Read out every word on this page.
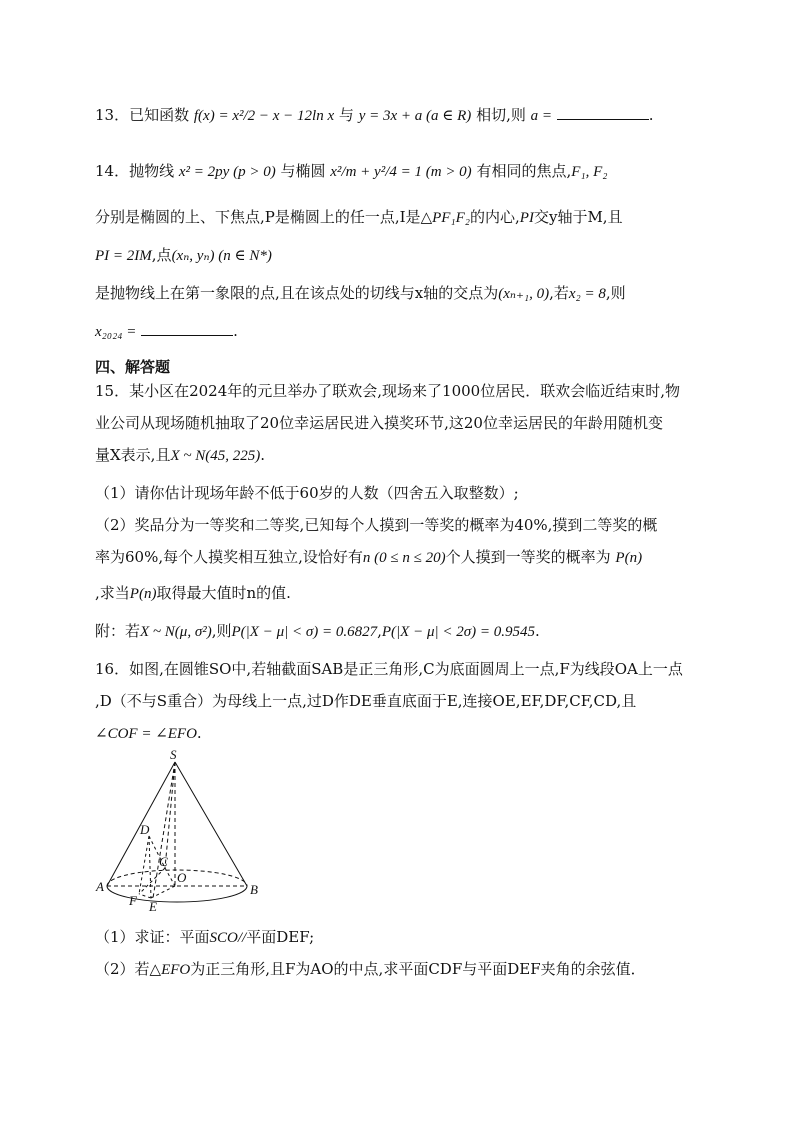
13．已知函数 f(x) = x²/2 − x − 12ln x 与 y = 3x + a (a ∈ R) 相切,则 a =	.
14．抛物线 x² = 2py (p > 0) 与椭圆 x²/m + y²/4 = 1 (m > 0) 有相同的焦点,F₁, F₂
分别是椭圆的上、下焦点,P是椭圆上的任一点,I是△PF₁F₂的内心,PI交y轴于M,且
PI = 2IM,点(xₙ, yₙ) (n ∈ N*)
是抛物线上在第一象限的点,且在该点处的切线与x轴的交点为(xₙ₊₁, 0),若x₂ = 8,则
x₂₀₂₄ =	.
四、解答题
15．某小区在2024年的元旦举办了联欢会,现场来了1000位居民．联欢会临近结束时,物
业公司从现场随机抽取了20位幸运居民进入摸奖环节,这20位幸运居民的年龄用随机变
量X表示,且X ~ N(45, 225).
（1）请你估计现场年龄不低于60岁的人数（四舍五入取整数）;
（2）奖品分为一等奖和二等奖,已知每个人摸到一等奖的概率为40%,摸到二等奖的概
率为60%,每个人摸奖相互独立,设恰好有n (0 ≤ n ≤ 20)个人摸到一等奖的概率为 P(n)
,求当P(n)取得最大值时n的值.
附：若X ~ N(μ, σ²),则P(|X − μ| < σ) = 0.6827,P(|X − μ| < 2σ) = 0.9545.
16．如图,在圆锥SO中,若轴截面SAB是正三角形,C为底面圆周上一点,F为线段OA上一点
,D（不与S重合）为母线上一点,过D作DE垂直底面于E,连接OE,EF,DF,CF,CD,且
∠COF = ∠EFO.
S
A	B
O
C
D
E
F
（1）求证：平面SCO//平面DEF;
（2）若△EFO为正三角形,且F为AO的中点,求平面CDF与平面DEF夹角的余弦值．
